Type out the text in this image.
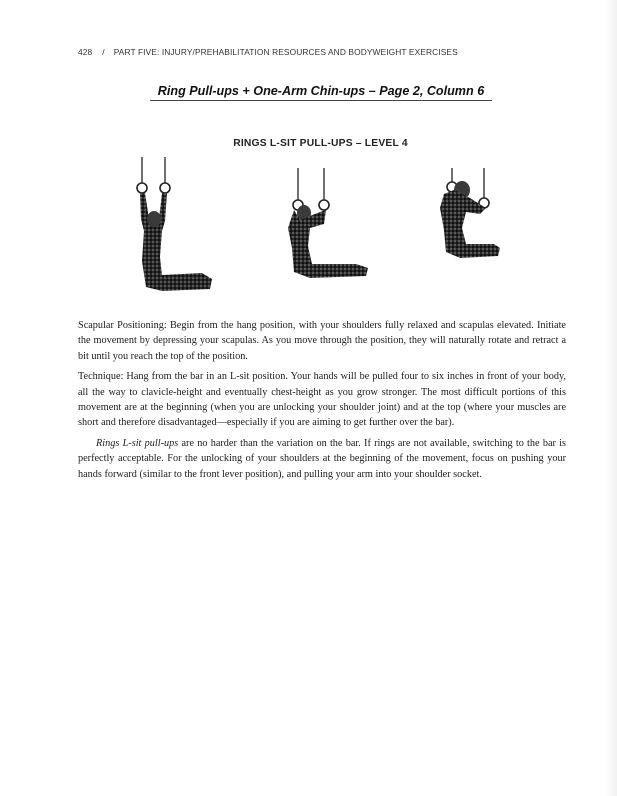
428 / PART FIVE: INJURY/PREHABILITATION RESOURCES AND BODYWEIGHT EXERCISES
Ring Pull-ups + One-Arm Chin-ups – Page 2, Column 6
RINGS L-SIT PULL-UPS – LEVEL 4

Scapular Positioning: Begin from the hang position, with your shoulders fully relaxed and scapulas elevated. Initiate the movement by depressing your scapulas. As you move through the position, they will naturally rotate and retract a bit until you reach the top of the position.

Technique: Hang from the bar in an L-sit position. Your hands will be pulled four to six inches in front of your body, all the way to clavicle-height and eventually chest-height as you grow stronger. The most difficult portions of this movement are at the beginning (when you are unlocking your shoulder joint) and at the top (where your muscles are short and therefore disadvantaged—especially if you are aiming to get further over the bar).

Rings L-sit pull-ups are no harder than the variation on the bar. If rings are not available, switching to the bar is perfectly acceptable. For the unlocking of your shoulders at the beginning of the movement, focus on pushing your hands forward (similar to the front lever position), and pulling your arm into your shoulder socket.
